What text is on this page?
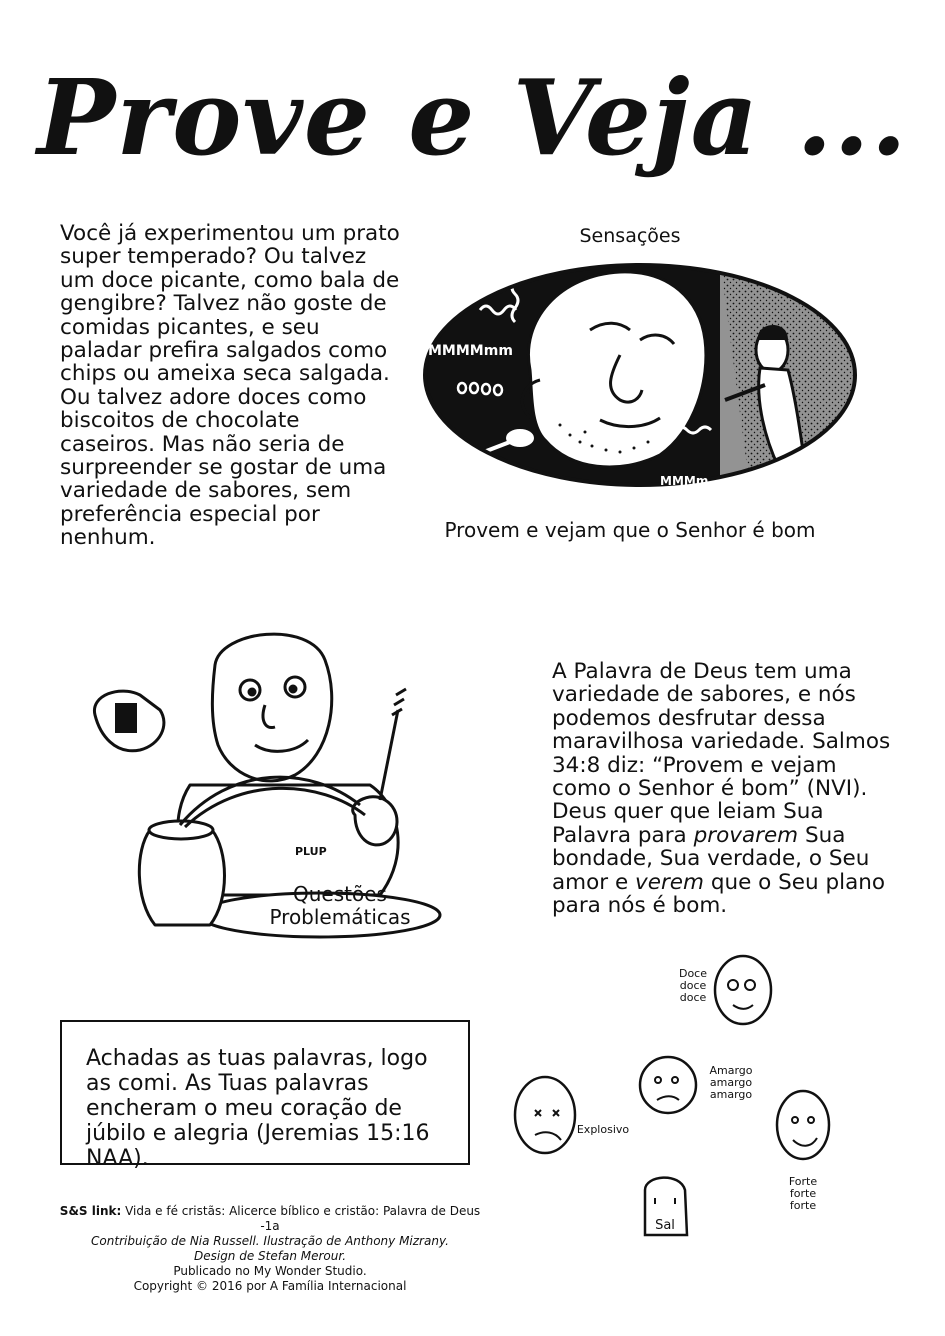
Prove e Veja ...
Você já experimentou um prato super temperado? Ou talvez um doce picante, como bala de gengibre? Talvez não goste de comidas picantes, e seu paladar prefira salgados como chips ou ameixa seca salgada. Ou talvez adore doces como biscoitos de chocolate caseiros. Mas não seria de surpreender se gostar de uma variedade de sabores, sem preferência especial por nenhum.
Sensações
MMMMmm
MMMm
Provem e vejam que o Senhor é bom
PLUP
Questões
Problemáticas
A Palavra de Deus tem uma variedade de sabores, e nós podemos desfrutar dessa maravilhosa variedade. Salmos 34:8 diz: “Provem e vejam como o Senhor é bom” (NVI). Deus quer que leiam Sua Palavra para provarem Sua bondade, Sua verdade, o Seu amor e verem que o Seu plano para nós é bom.
Achadas as tuas palavras, logo as comi. As Tuas palavras encheram o meu coração de júbilo e alegria (Jeremias 15:16 NAA).
Doce
doce
doce
Amargo
amargo
amargo
Explosivo
Forte
forte
forte
Sal
S&S link: Vida e fé cristãs: Alicerce bíblico e cristão: Palavra de Deus -1a
Contribuição de Nia Russell. Ilustração de Anthony Mizrany.
Design de Stefan Merour.
Publicado no My Wonder Studio.
Copyright © 2016 por A Família Internacional
